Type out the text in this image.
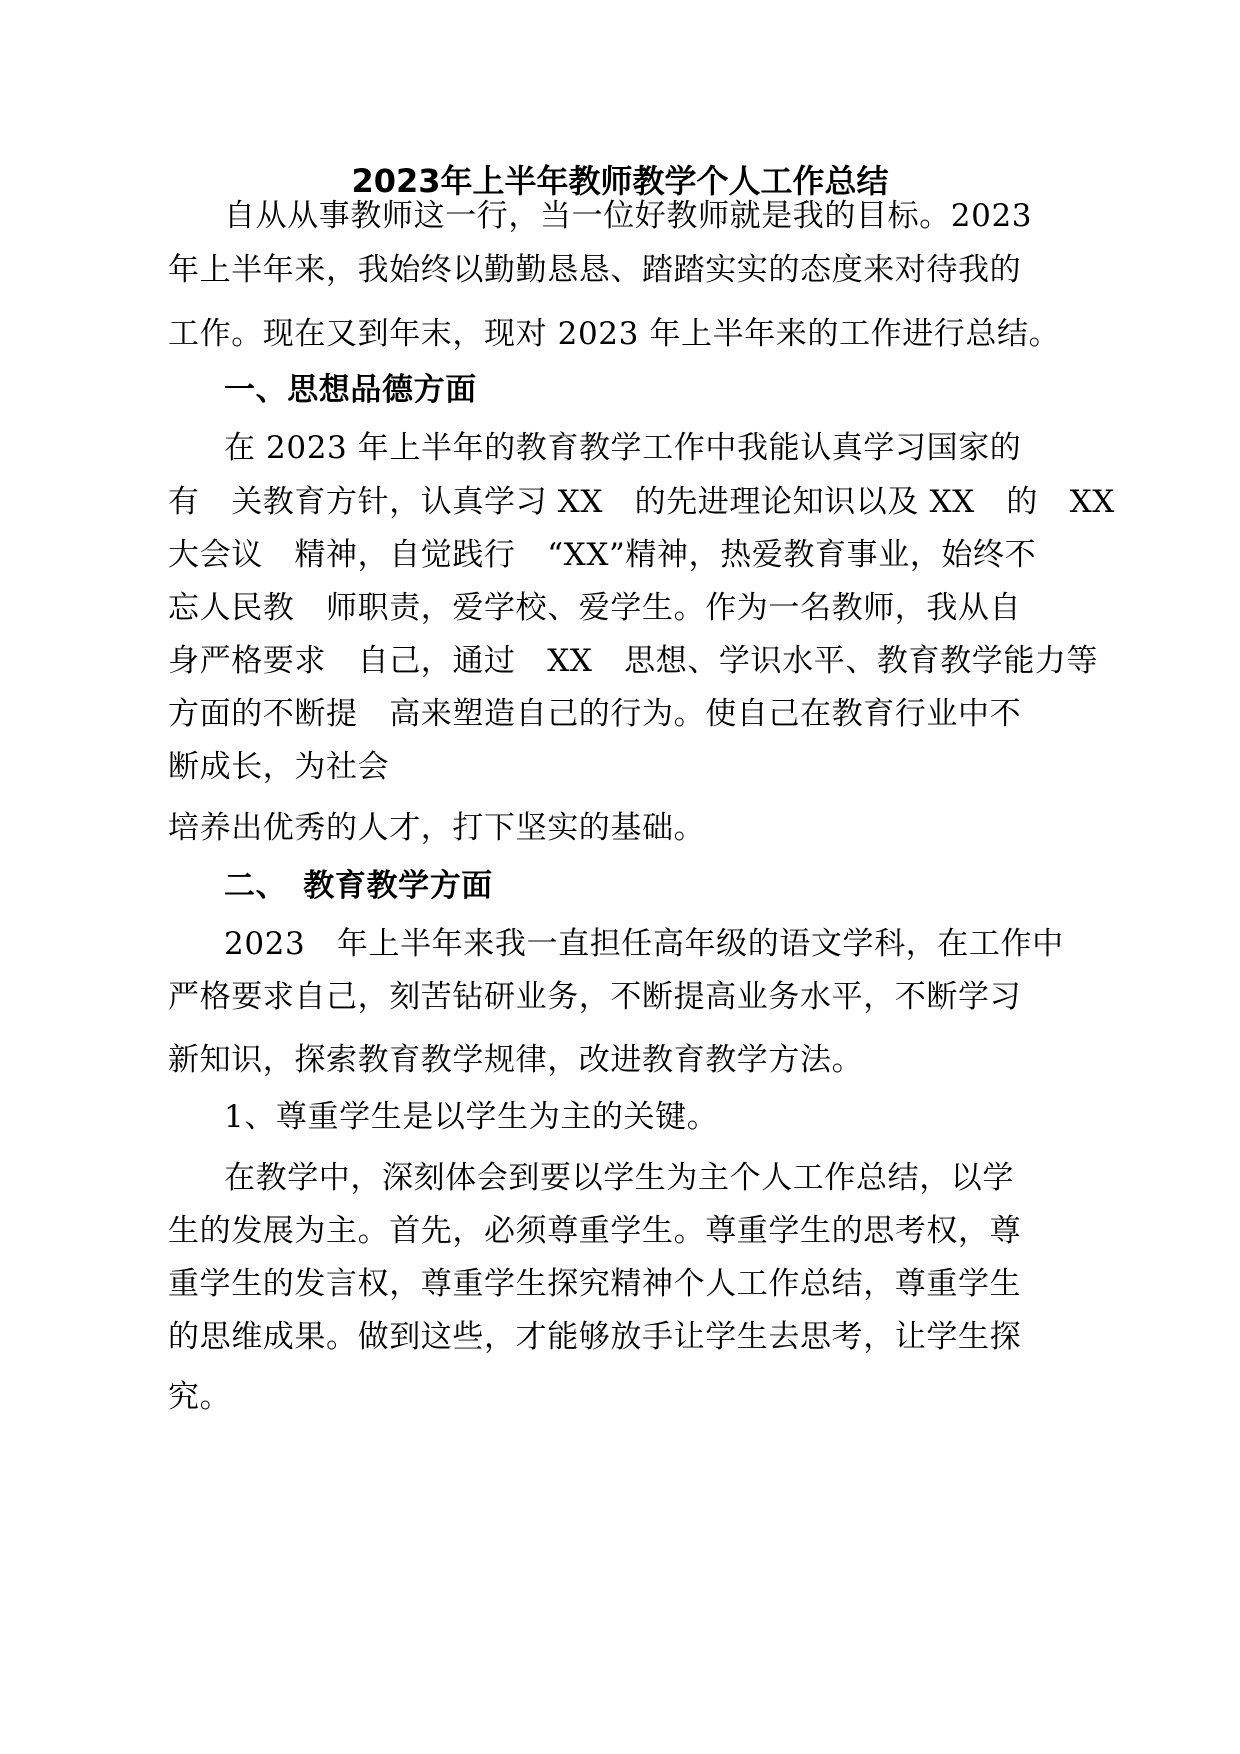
2023年上半年教师教学个人工作总结
自从从事教师这一行，当一位好教师就是我的目标。2023
年上半年来，我始终以勤勤恳恳、踏踏实实的态度来对待我的
工作。现在又到年末，现对 2023 年上半年来的工作进行总结。
一、思想品德方面
在 2023 年上半年的教育教学工作中我能认真学习国家的
有　关教育方针，认真学习 XX　的先进理论知识以及 XX　的　XX
大会议　精神，自觉践行　“XX”精神，热爱教育事业，始终不
忘人民教　师职责，爱学校、爱学生。作为一名教师，我从自
身严格要求　自己，通过　XX　思想、学识水平、教育教学能力等
方面的不断提　高来塑造自己的行为。使自己在教育行业中不
断成长，为社会
培养出优秀的人才，打下坚实的基础。
二、　教育教学方面
2023　年上半年来我一直担任高年级的语文学科，在工作中
严格要求自己，刻苦钻研业务，不断提高业务水平，不断学习
新知识，探索教育教学规律，改进教育教学方法。
1、尊重学生是以学生为主的关键。
在教学中，深刻体会到要以学生为主个人工作总结，以学
生的发展为主。首先，必须尊重学生。尊重学生的思考权，尊
重学生的发言权，尊重学生探究精神个人工作总结，尊重学生
的思维成果。做到这些，才能够放手让学生去思考，让学生探
究。
